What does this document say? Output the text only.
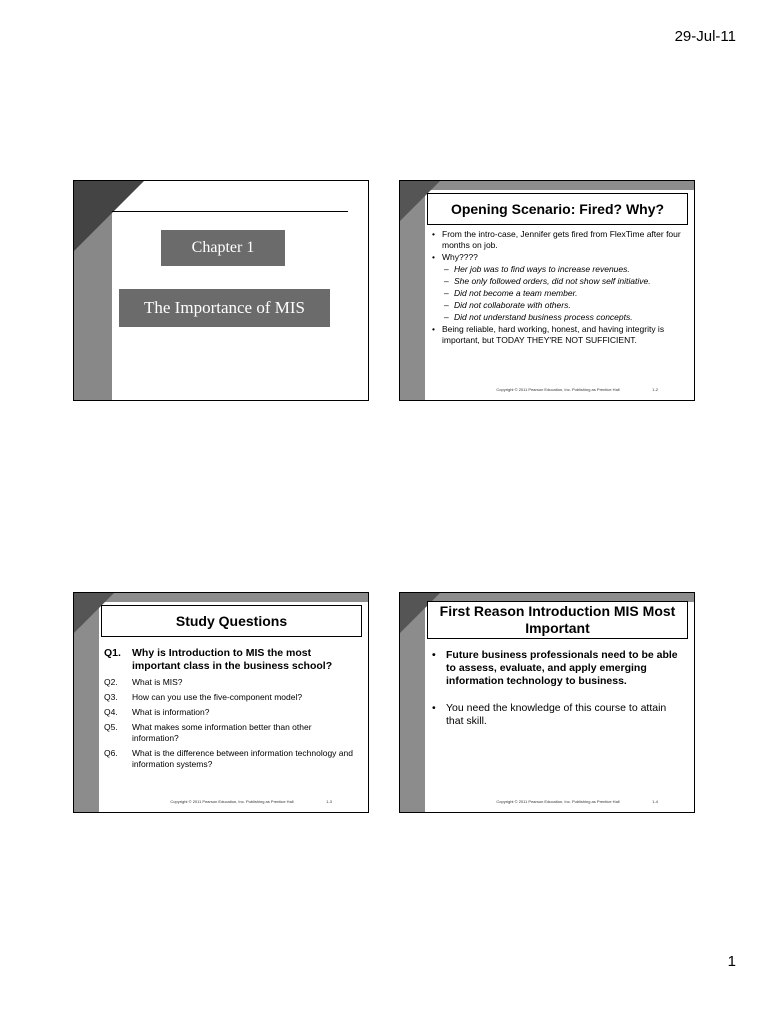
29-Jul-11
Chapter 1
The Importance of MIS
Opening Scenario: Fired? Why?
• From the intro-case, Jennifer gets fired from FlexTime after four months on job.
• Why????
– Her job was to find ways to increase revenues.
– She only followed orders, did not show self initiative.
– Did not become a team member.
– Did not collaborate with others.
– Did not understand business process concepts.
• Being reliable, hard working, honest, and having integrity is important, but TODAY THEY'RE NOT SUFFICIENT.
Copyright © 2011 Pearson Education, Inc. Publishing as Prentice Hall	1-2
Study Questions
Q1.	Why is Introduction to MIS the most important class in the business school?
Q2.	What is MIS?
Q3.	How can you use the five-component model?
Q4.	What is information?
Q5.	What makes some information better than other information?
Q6.	What is the difference between information technology and information systems?
Copyright © 2011 Pearson Education, Inc. Publishing as Prentice Hall	1-3
First Reason Introduction MIS Most Important
• Future business professionals need to be able to assess, evaluate, and apply emerging information technology to business.
• You need the knowledge of this course to attain that skill.
Copyright © 2011 Pearson Education, Inc. Publishing as Prentice Hall	1-4
1
